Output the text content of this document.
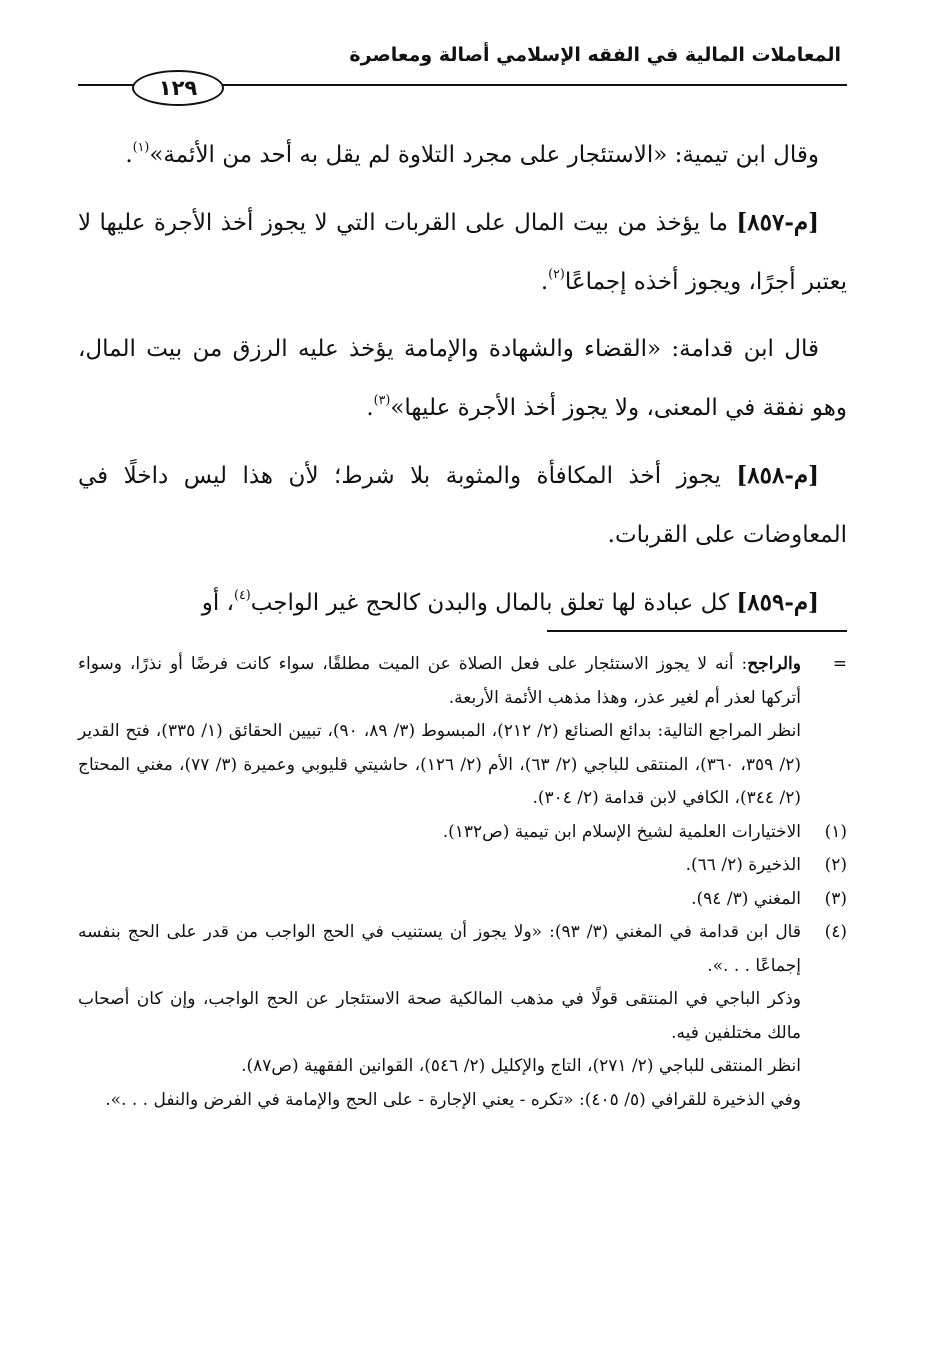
المعاملات المالية في الفقه الإسلامي أصالة ومعاصرة
١٢٩

وقال ابن تيمية: «الاستئجار على مجرد التلاوة لم يقل به أحد من الأئمة»$^{(١)}$.

[م-٨٥٧] ما يؤخذ من بيت المال على القربات التي لا يجوز أخذ الأجرة عليها لا يعتبر أجرًا، ويجوز أخذه إجماعًا$^{(٢)}$.

قال ابن قدامة: «القضاء والشهادة والإمامة يؤخذ عليه الرزق من بيت المال، وهو نفقة في المعنى، ولا يجوز أخذ الأجرة عليها»$^{(٣)}$.

[م-٨٥٨] يجوز أخذ المكافأة والمثوبة بلا شرط؛ لأن هذا ليس داخلًا في المعاوضات على القربات.

[م-٨٥٩] كل عبادة لها تعلق بالمال والبدن كالحج غير الواجب$^{(٤)}$، أو

=

والراجح: أنه لا يجوز الاستئجار على فعل الصلاة عن الميت مطلقًا، سواء كانت فرضًا أو نذرًا، وسواء أتركها لعذر أم لغير عذر، وهذا مذهب الأئمة الأربعة.

انظر المراجع التالية: بدائع الصنائع (٢/ ٢١٢)، المبسوط (٣/ ٨٩، ٩٠)، تبيين الحقائق (١/ ٣٣٥)، فتح القدير (٢/ ٣٥٩، ٣٦٠)، المنتقى للباجي (٢/ ٦٣)، الأم (٢/ ١٢٦)، حاشيتي قليوبي وعميرة (٣/ ٧٧)، مغني المحتاج (٢/ ٣٤٤)، الكافي لابن قدامة (٢/ ٣٠٤).

(١)

الاختيارات العلمية لشيخ الإسلام ابن تيمية (ص١٣٢).

(٢)

الذخيرة (٢/ ٦٦).

(٣)

المغني (٣/ ٩٤).

(٤)

قال ابن قدامة في المغني (٣/ ٩٣): «ولا يجوز أن يستنيب في الحج الواجب من قدر على الحج بنفسه إجماعًا . . .».

وذكر الباجي في المنتقى قولًا في مذهب المالكية صحة الاستئجار عن الحج الواجب، وإن كان أصحاب مالك مختلفين فيه.

انظر المنتقى للباجي (٢/ ٢٧١)، التاج والإكليل (٢/ ٥٤٦)، القوانين الفقهية (ص٨٧).

وفي الذخيرة للقرافي (٥/ ٤٠٥): «تكره - يعني الإجارة - على الحج والإمامة في الفرض والنفل . . .».
